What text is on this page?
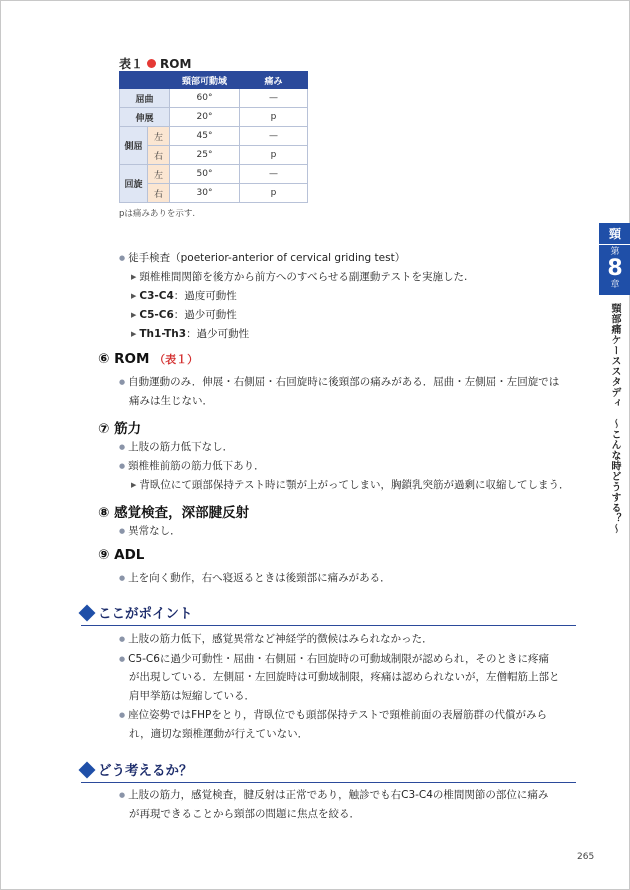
表１ ROM
		頸部可動域	痛み
屈曲		60°	—
伸展		20°	p
側屈	左	45°	—
	右	25°	p
回旋	左	50°	—
	右	30°	p
pは痛みありを示す.
● 徒手検査（poeterior-anterior of cervical griding test）
▶ 頸椎椎間関節を後方から前方へのすべらせる副運動テストを実施した.
▶ C3-C4：過度可動性
▶ C5-C6：過少可動性
▶ Th1-Th3：過少可動性
⑥ ROM （表１）
● 自動運動のみ．伸展・右側屈・右回旋時に後頸部の痛みがある．屈曲・左側屈・左回旋では
痛みは生じない．
⑦ 筋力
● 上肢の筋力低下なし．
● 頸椎椎前筋の筋力低下あり．
▶ 背臥位にて頭部保持テスト時に顎が上がってしまい，胸鎖乳突筋が過剰に収縮してしまう．
⑧ 感覚検査，深部腱反射
● 異常なし．
⑨ ADL
● 上を向く動作，右へ寝返るときは後頸部に痛みがある．
ここがポイント
● 上肢の筋力低下，感覚異常など神経学的徴候はみられなかった．
● C5-C6に過少可動性・屈曲・右側屈・右回旋時の可動域制限が認められ，そのときに疼痛
が出現している．左側屈・左回旋時は可動域制限，疼痛は認められないが，左僧帽筋上部と
肩甲挙筋は短縮している．
● 座位姿勢ではFHPをとり，背臥位でも頭部保持テストで頸椎前面の表層筋群の代償がみら
れ，適切な頸椎運動が行えていない．
どう考えるか？
● 上肢の筋力，感覚検査，腱反射は正常であり，触診でも右C3-C4の椎間関節の部位に痛み
が再現できることから頸部の問題に焦点を絞る．
頸
第
8
章
頸部痛ケーススタディ　～こんな時どうする？～
265
